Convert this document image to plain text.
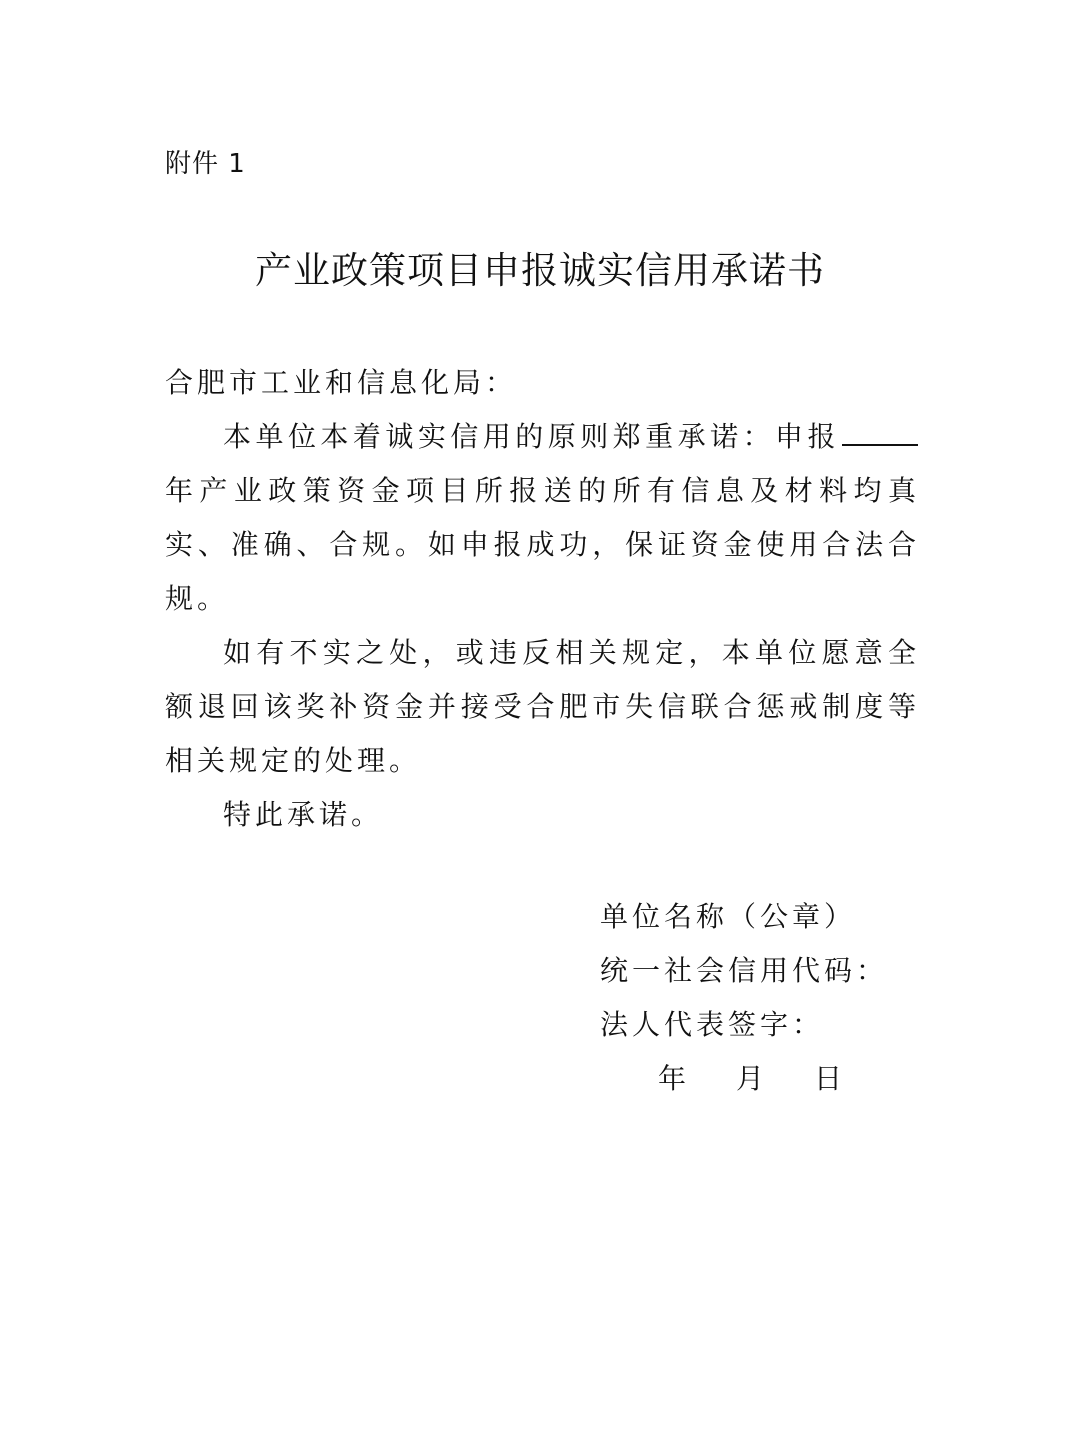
附件 1
产业政策项目申报诚实信用承诺书

合肥市工业和信息化局：

本单位本着诚实信用的原则郑重承诺：申报年产业政策资金项目所报送的所有信息及材料均真实、准确、合规。如申报成功，保证资金使用合法合规。

如有不实之处，或违反相关规定，本单位愿意全额退回该奖补资金并接受合肥市失信联合惩戒制度等相关规定的处理。

特此承诺。

单位名称（公章）
统一社会信用代码：
法人代表签字：
年 月 日
